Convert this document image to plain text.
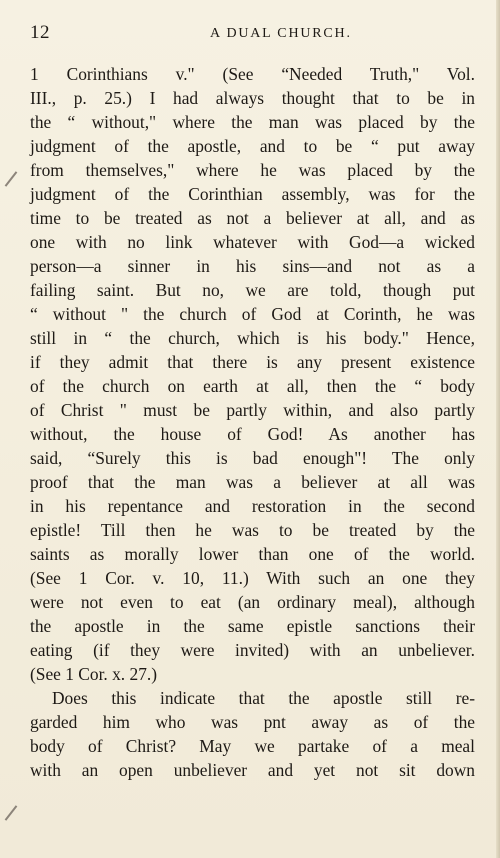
12	A DUAL CHURCH.
1 Corinthians v." (See “Needed Truth," Vol.
III., p. 25.) I had always thought that to be in
the “ without," where the man was placed by the
judgment of the apostle, and to be “ put away
from themselves," where he was placed by the
judgment of the Corinthian assembly, was for the
time to be treated as not a believer at all, and as
one with no link whatever with God—a wicked
person—a sinner in his sins—and not as a
failing saint. But no, we are told, though put
“ without " the church of God at Corinth, he was
still in “ the church, which is his body." Hence,
if they admit that there is any present existence
of the church on earth at all, then the “ body
of Christ " must be partly within, and also partly
without, the house of God! As another has
said, “Surely this is bad enough"! The only
proof that the man was a believer at all was
in his repentance and restoration in the second
epistle! Till then he was to be treated by the
saints as morally lower than one of the world.
(See 1 Cor. v. 10, 11.) With such an one they
were not even to eat (an ordinary meal), although
the apostle in the same epistle sanctions their
eating (if they were invited) with an unbeliever.
(See 1 Cor. x. 27.)
Does this indicate that the apostle still re-
garded him who was pnt away as of the
body of Christ? May we partake of a meal
with an open unbeliever and yet not sit down
